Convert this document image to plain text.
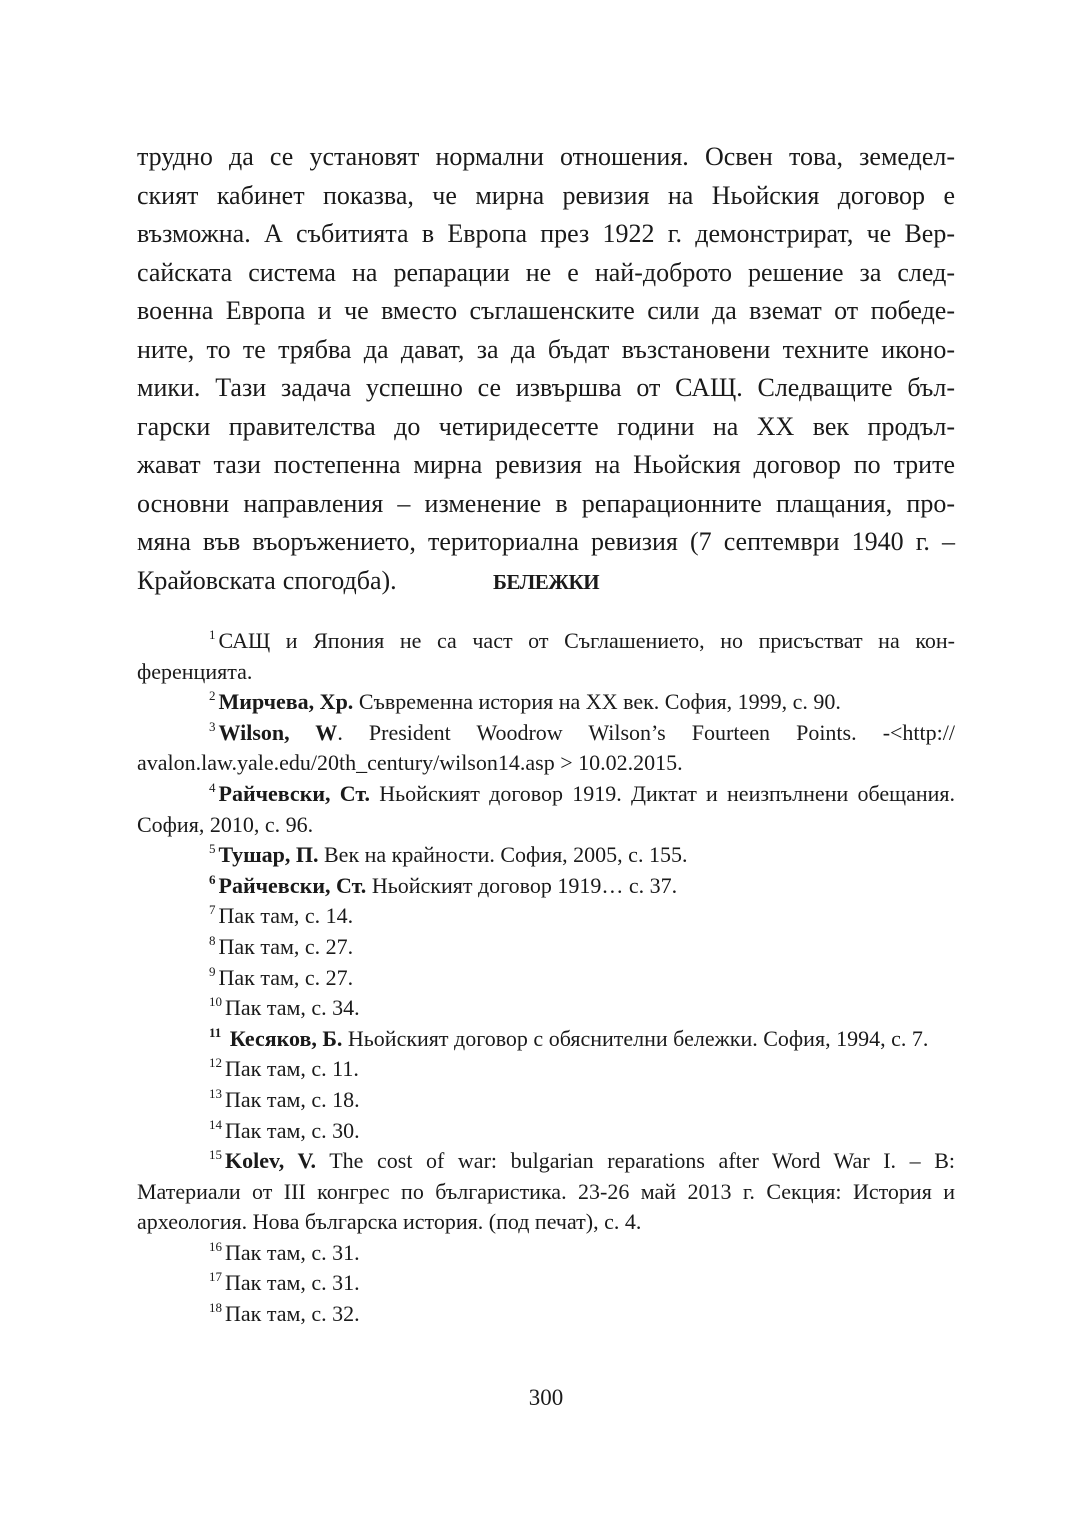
трудно да се установят нормални отношения. Освен това, земедел-
ският кабинет показва, че мирна ревизия на Ньойския договор е
възможна. А събитията в Европа през 1922 г. демонстрират, че Вер-
сайската система на репарации не е най-доброто решение за след-
военна Европа и че вместо съглашенските сили да вземат от победе-
ните, то те трябва да дават, за да бъдат възстановени техните иконо-
мики. Тази задача успешно се извършва от САЩ. Следващите бъл-
гарски правителства до четиридесетте години на XX век продъл-
жават тази постепенна мирна ревизия на Ньойския договор по трите
основни направления – изменение в репарационните плащания, про-
мяна във въоръжението, териториална ревизия (7 септември 1940 г. –
Крайовската спогодба).	БЕЛЕЖКИ

$^1$ САЩ и Япония не са част от Съглашението, но присъстват на кон-ференцията.

$^2$ Мирчева, Хр. Съвременна история на XX век. София, 1999, с. 90.

$^3$ Wilson, W. President Woodrow Wilson’s Fourteen Points. -<http:// avalon.law.yale.edu/20th_century/wilson14.asp > 10.02.2015.

$^4$ Райчевски, Ст. Ньойският договор 1919. Диктат и неизпълнени обещания. София, 2010, с. 96.

$^5$ Тушар, П. Век на крайности. София, 2005, с. 155.

$^6$ Райчевски, Ст. Ньойският договор 1919… с. 37.

$^7$ Пак там, с. 14.

$^8$ Пак там, с. 27.

$^9$ Пак там, с. 27.

$^{10}$ Пак там, с. 34.

$^{11}$ Кесяков, Б. Ньойският договор с обяснителни бележки. София, 1994, с. 7.

$^{12}$ Пак там, с. 11.

$^{13}$ Пак там, с. 18.

$^{14}$ Пак там, с. 30.

$^{15}$ Kolev, V. The cost of war: bulgarian reparations after Word War I. – В: Материали от III конгрес по българистика. 23-26 май 2013 г. Секция: История и археология. Нова българска история. (под печат), с. 4.

$^{16}$ Пак там, с. 31.

$^{17}$ Пак там, с. 31.

$^{18}$ Пак там, с. 32.

300
